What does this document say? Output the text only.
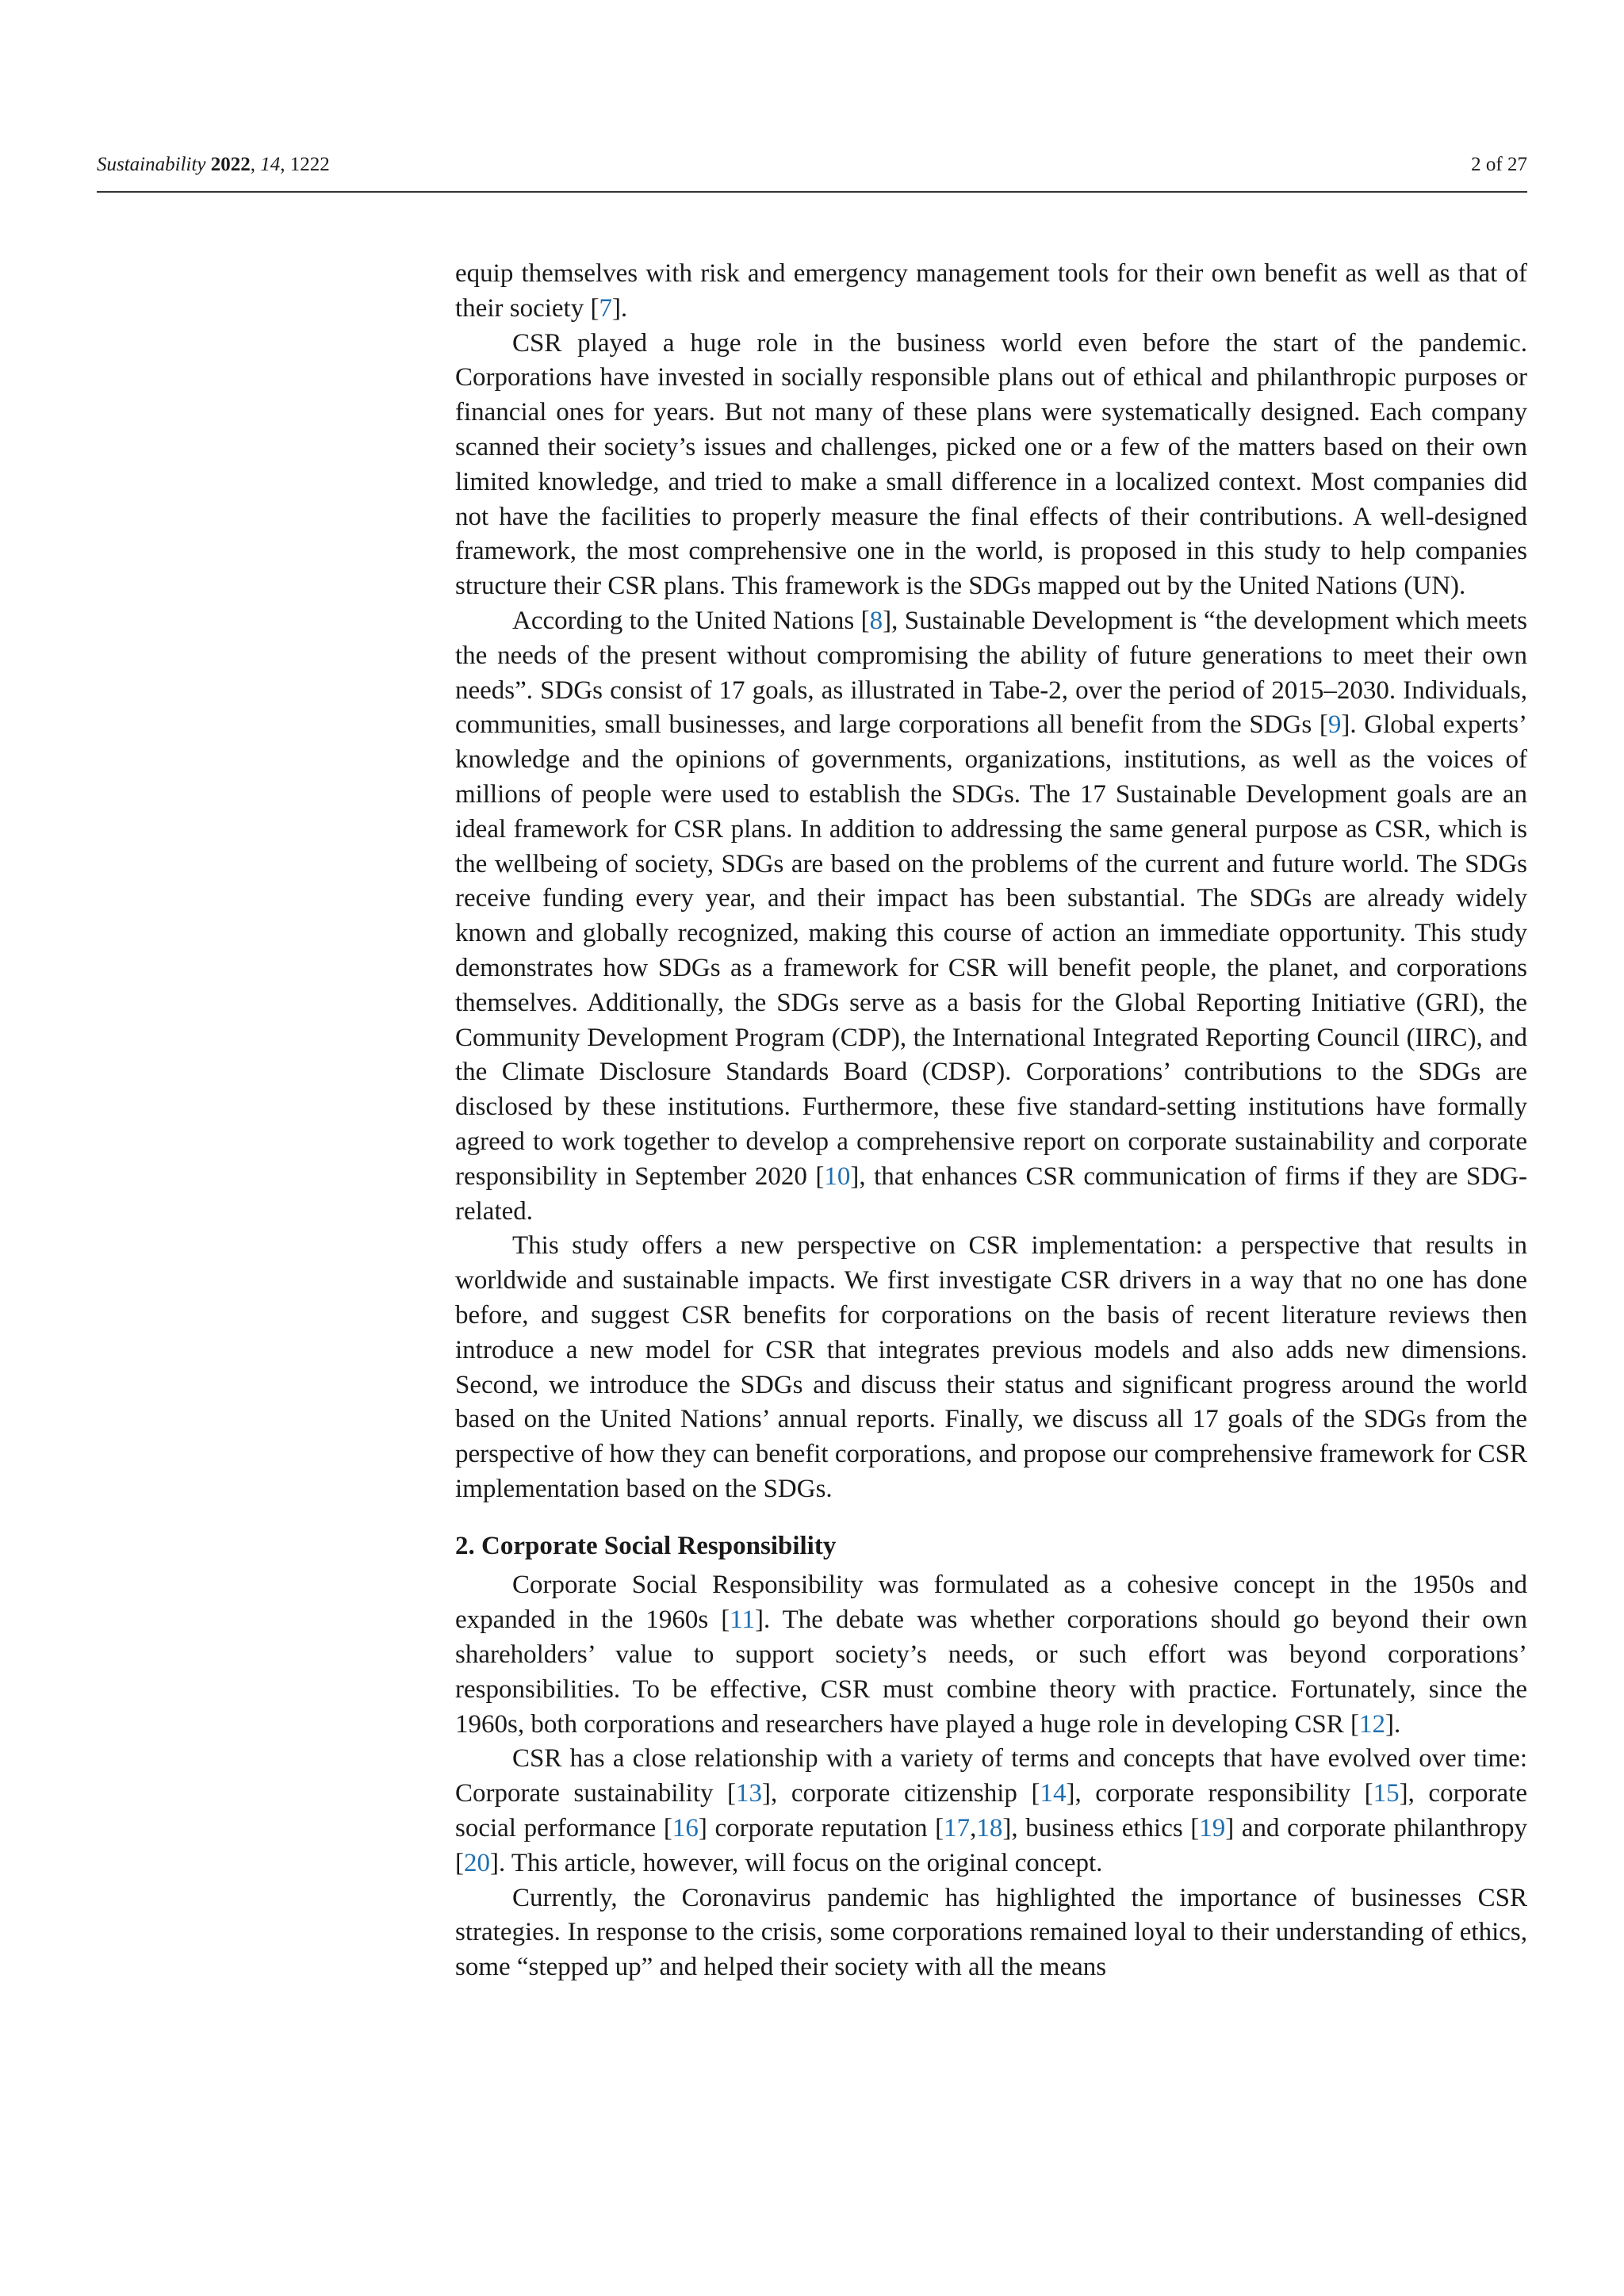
Sustainability 2022, 14, 1222	2 of 27

equip themselves with risk and emergency management tools for their own benefit as well as that of their society [7].

CSR played a huge role in the business world even before the start of the pandemic. Corporations have invested in socially responsible plans out of ethical and philanthropic purposes or financial ones for years. But not many of these plans were systematically designed. Each company scanned their society’s issues and challenges, picked one or a few of the matters based on their own limited knowledge, and tried to make a small difference in a localized context. Most companies did not have the facilities to properly measure the final effects of their contributions. A well-designed framework, the most comprehensive one in the world, is proposed in this study to help companies structure their CSR plans. This framework is the SDGs mapped out by the United Nations (UN).

According to the United Nations [8], Sustainable Development is “the development which meets the needs of the present without compromising the ability of future generations to meet their own needs”. SDGs consist of 17 goals, as illustrated in Tabe-2, over the period of 2015–2030. Individuals, communities, small businesses, and large corporations all benefit from the SDGs [9]. Global experts’ knowledge and the opinions of governments, organizations, institutions, as well as the voices of millions of people were used to establish the SDGs. The 17 Sustainable Development goals are an ideal framework for CSR plans. In addition to addressing the same general purpose as CSR, which is the wellbeing of society, SDGs are based on the problems of the current and future world. The SDGs receive funding every year, and their impact has been substantial. The SDGs are already widely known and globally recognized, making this course of action an immediate opportunity. This study demonstrates how SDGs as a framework for CSR will benefit people, the planet, and corporations themselves. Additionally, the SDGs serve as a basis for the Global Reporting Initiative (GRI), the Community Development Program (CDP), the International Integrated Reporting Council (IIRC), and the Climate Disclosure Standards Board (CDSP). Corporations’ contributions to the SDGs are disclosed by these institutions. Furthermore, these five standard-setting institutions have formally agreed to work together to develop a comprehensive report on corporate sustainability and corporate responsibility in September 2020 [10], that enhances CSR communication of firms if they are SDG-related.

This study offers a new perspective on CSR implementation: a perspective that results in worldwide and sustainable impacts. We first investigate CSR drivers in a way that no one has done before, and suggest CSR benefits for corporations on the basis of recent literature reviews then introduce a new model for CSR that integrates previous models and also adds new dimensions. Second, we introduce the SDGs and discuss their status and significant progress around the world based on the United Nations’ annual reports. Finally, we discuss all 17 goals of the SDGs from the perspective of how they can benefit corporations, and propose our comprehensive framework for CSR implementation based on the SDGs.

2. Corporate Social Responsibility

Corporate Social Responsibility was formulated as a cohesive concept in the 1950s and expanded in the 1960s [11]. The debate was whether corporations should go beyond their own shareholders’ value to support society’s needs, or such effort was beyond corporations’ responsibilities. To be effective, CSR must combine theory with practice. Fortunately, since the 1960s, both corporations and researchers have played a huge role in developing CSR [12].

CSR has a close relationship with a variety of terms and concepts that have evolved over time: Corporate sustainability [13], corporate citizenship [14], corporate responsibility [15], corporate social performance [16] corporate reputation [17,18], business ethics [19] and corporate philanthropy [20]. This article, however, will focus on the original concept.

Currently, the Coronavirus pandemic has highlighted the importance of businesses CSR strategies. In response to the crisis, some corporations remained loyal to their understanding of ethics, some “stepped up” and helped their society with all the means
